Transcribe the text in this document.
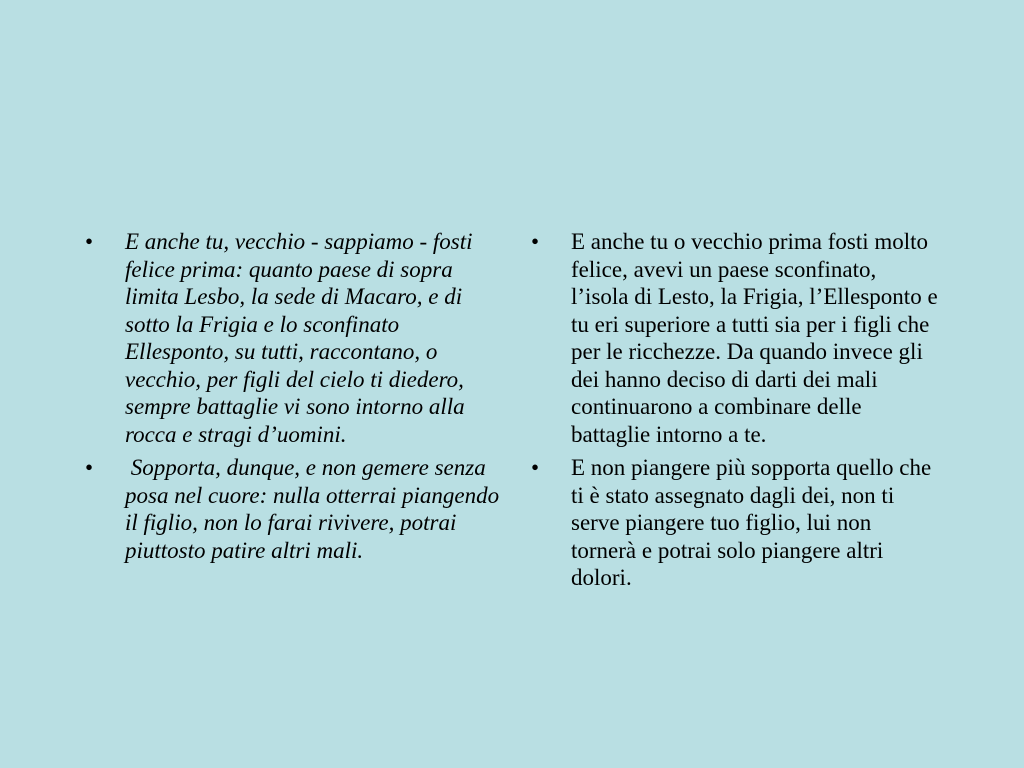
• E anche tu, vecchio - sappiamo - fosti felice prima: quanto paese di sopra limita Lesbo, la sede di Macaro, e di sotto la Frigia e lo sconfinato Ellesponto, su tutti, raccontano, o vecchio, per figli del cielo ti diedero, sempre battaglie vi sono intorno alla rocca e stragi d’uomini.
• Sopporta, dunque, e non gemere senza posa nel cuore: nulla otterrai piangendo il figlio, non lo farai rivivere, potrai piuttosto patire altri mali.
• E anche tu o vecchio prima fosti molto felice, avevi un paese sconfinato, l’isola di Lesto, la Frigia, l’Ellesponto e tu eri superiore a tutti sia per i figli che per le ricchezze. Da quando invece gli dei hanno deciso di darti dei mali continuarono a combinare delle battaglie intorno a te.
• E non piangere più sopporta quello che ti è stato assegnato dagli dei, non ti serve piangere tuo figlio, lui non tornerà e potrai solo piangere altri dolori.
